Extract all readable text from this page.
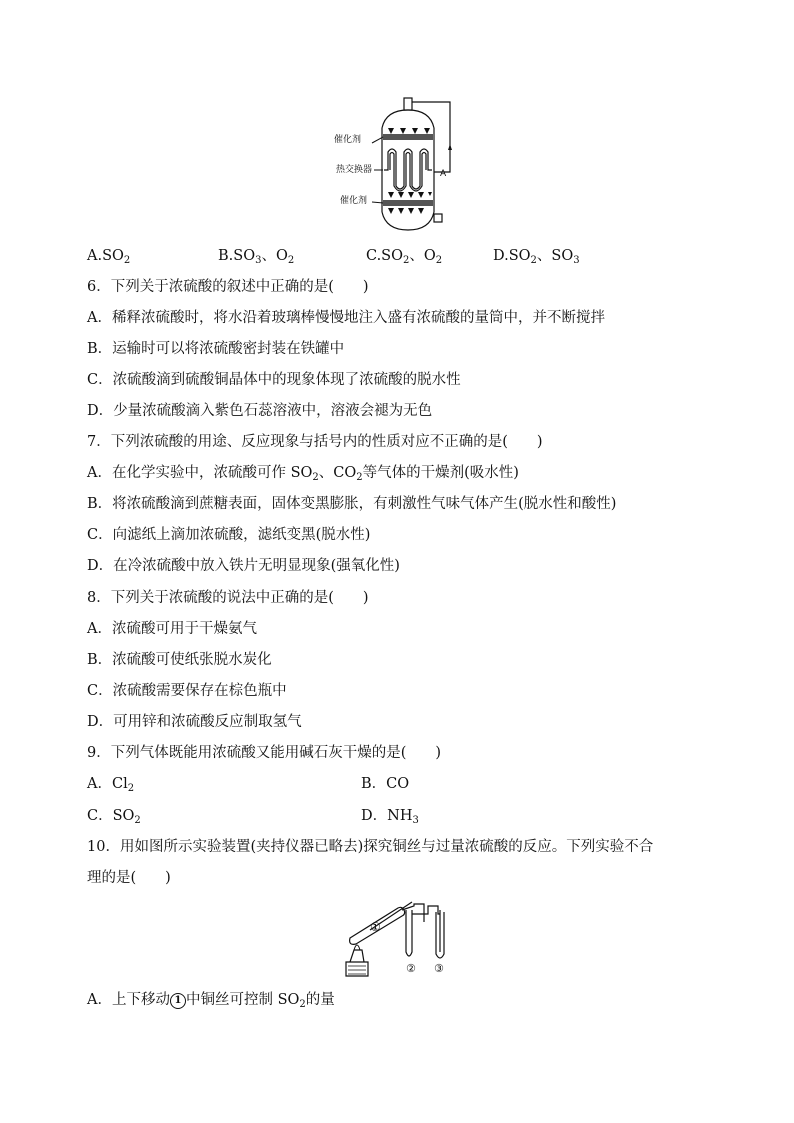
催化剂
热交换器
催化剂
A
$A.SO_2$	$B.SO_3$、$O_2$	$C.SO_2$、$O_2$	$D.SO_2$、$SO_3$
6．下列关于浓硫酸的叙述中正确的是(　　)
A．稀释浓硫酸时，将水沿着玻璃棒慢慢地注入盛有浓硫酸的量筒中，并不断搅拌
B．运输时可以将浓硫酸密封装在铁罐中
C．浓硫酸滴到硫酸铜晶体中的现象体现了浓硫酸的脱水性
D．少量浓硫酸滴入紫色石蕊溶液中，溶液会褪为无色
7．下列浓硫酸的用途、反应现象与括号内的性质对应不正确的是(　　)
A．在化学实验中，浓硫酸可作 $SO_2$、$CO_2$等气体的干燥剂(吸水性)
B．将浓硫酸滴到蔗糖表面，固体变黑膨胀，有刺激性气味气体产生(脱水性和酸性)
C．向滤纸上滴加浓硫酸，滤纸变黑(脱水性)
D．在冷浓硫酸中放入铁片无明显现象(强氧化性)
8．下列关于浓硫酸的说法中正确的是(　　)
A．浓硫酸可用于干燥氨气
B．浓硫酸可使纸张脱水炭化
C．浓硫酸需要保存在棕色瓶中
D．可用锌和浓硫酸反应制取氢气
9．下列气体既能用浓硫酸又能用碱石灰干燥的是(　　)
A．$Cl_2$	B．CO
C．$SO_2$	D．$NH_3$
10．用如图所示实验装置(夹持仪器已略去)探究铜丝与过量浓硫酸的反应。下列实验不合
理的是(　　)
①
② ③
A．上下移动 1 中铜丝可控制 $SO_2$的量
